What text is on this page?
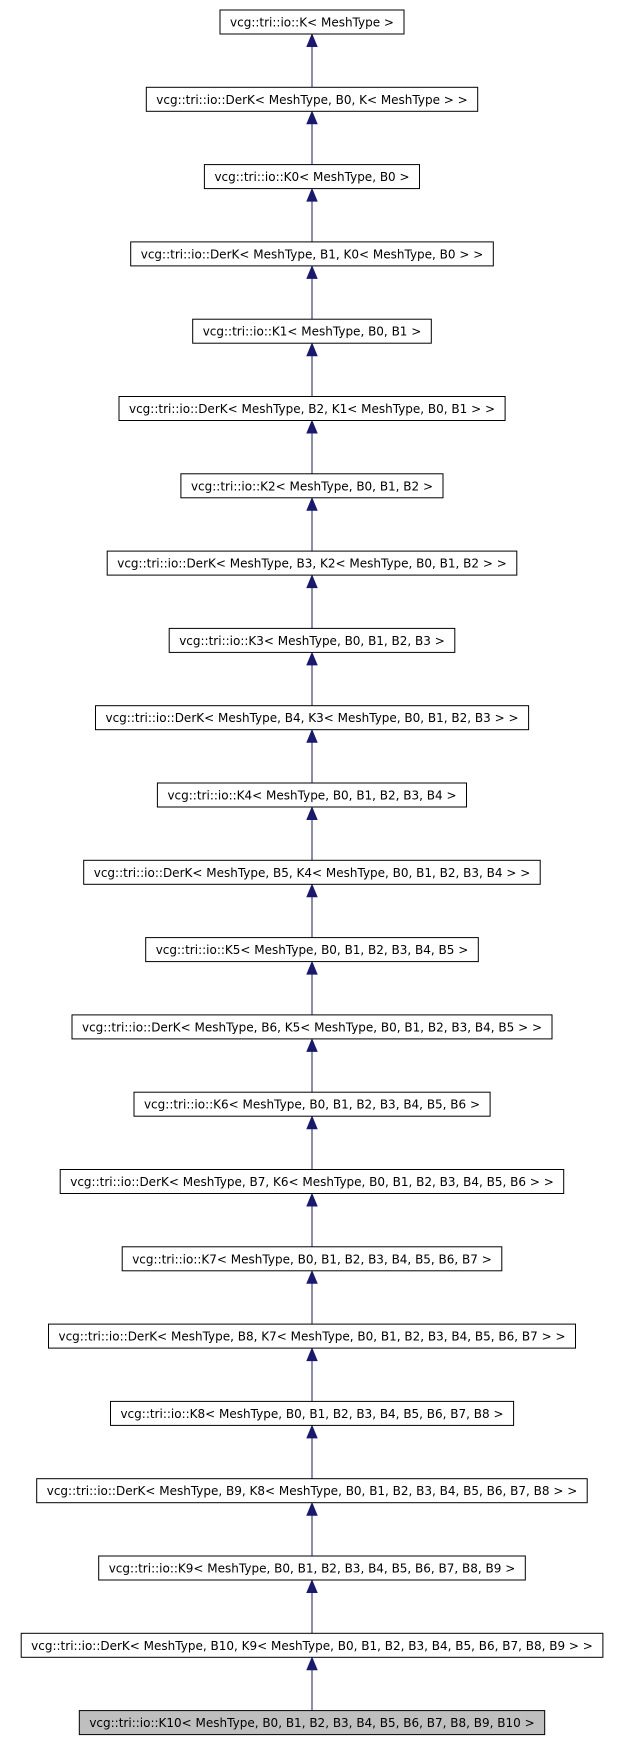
vcg::tri::io::K< MeshType >
vcg::tri::io::DerK< MeshType, B0, K< MeshType > >
vcg::tri::io::K0< MeshType, B0 >
vcg::tri::io::DerK< MeshType, B1, K0< MeshType, B0 > >
vcg::tri::io::K1< MeshType, B0, B1 >
vcg::tri::io::DerK< MeshType, B2, K1< MeshType, B0, B1 > >
vcg::tri::io::K2< MeshType, B0, B1, B2 >
vcg::tri::io::DerK< MeshType, B3, K2< MeshType, B0, B1, B2 > >
vcg::tri::io::K3< MeshType, B0, B1, B2, B3 >
vcg::tri::io::DerK< MeshType, B4, K3< MeshType, B0, B1, B2, B3 > >
vcg::tri::io::K4< MeshType, B0, B1, B2, B3, B4 >
vcg::tri::io::DerK< MeshType, B5, K4< MeshType, B0, B1, B2, B3, B4 > >
vcg::tri::io::K5< MeshType, B0, B1, B2, B3, B4, B5 >
vcg::tri::io::DerK< MeshType, B6, K5< MeshType, B0, B1, B2, B3, B4, B5 > >
vcg::tri::io::K6< MeshType, B0, B1, B2, B3, B4, B5, B6 >
vcg::tri::io::DerK< MeshType, B7, K6< MeshType, B0, B1, B2, B3, B4, B5, B6 > >
vcg::tri::io::K7< MeshType, B0, B1, B2, B3, B4, B5, B6, B7 >
vcg::tri::io::DerK< MeshType, B8, K7< MeshType, B0, B1, B2, B3, B4, B5, B6, B7 > >
vcg::tri::io::K8< MeshType, B0, B1, B2, B3, B4, B5, B6, B7, B8 >
vcg::tri::io::DerK< MeshType, B9, K8< MeshType, B0, B1, B2, B3, B4, B5, B6, B7, B8 > >
vcg::tri::io::K9< MeshType, B0, B1, B2, B3, B4, B5, B6, B7, B8, B9 >
vcg::tri::io::DerK< MeshType, B10, K9< MeshType, B0, B1, B2, B3, B4, B5, B6, B7, B8, B9 > >
vcg::tri::io::K10< MeshType, B0, B1, B2, B3, B4, B5, B6, B7, B8, B9, B10 >
